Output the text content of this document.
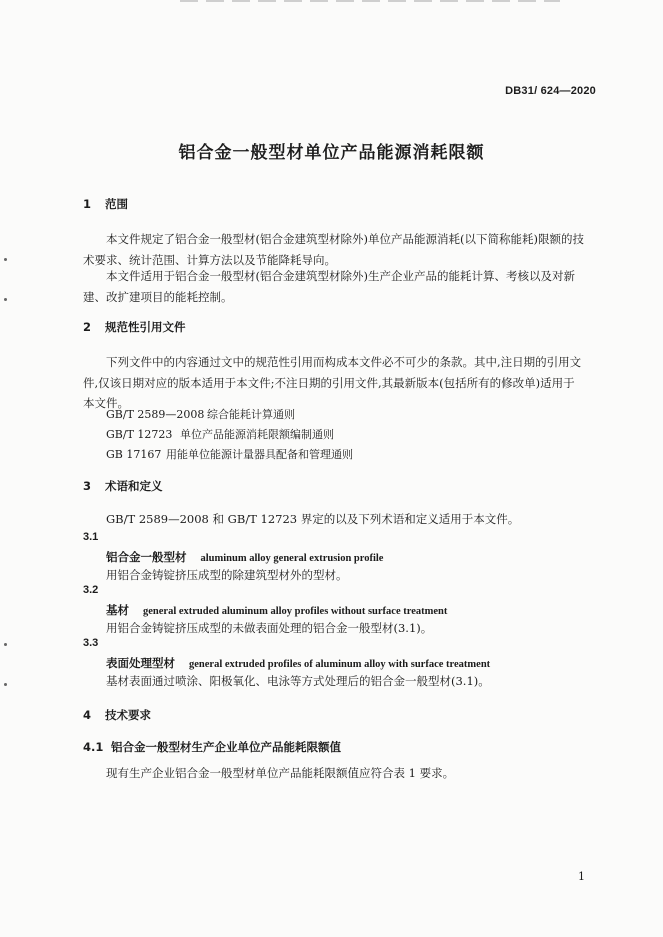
DB31/ 624—2020
铝合金一般型材单位产品能源消耗限额
1 范围
本文件规定了铝合金一般型材(铝合金建筑型材除外)单位产品能源消耗(以下简称能耗)限额的技
术要求、统计范围、计算方法以及节能降耗导向。
本文件适用于铝合金一般型材(铝合金建筑型材除外)生产企业产品的能耗计算、考核以及对新
建、改扩建项目的能耗控制。
2 规范性引用文件
下列文件中的内容通过文中的规范性引用而构成本文件必不可少的条款。其中,注日期的引用文
件,仅该日期对应的版本适用于本文件;不注日期的引用文件,其最新版本(包括所有的修改单)适用于
本文件。
GB/T 2589—2008 综合能耗计算通则
GB/T 12723 单位产品能源消耗限额编制通则
GB 17167 用能单位能源计量器具配备和管理通则
3 术语和定义
GB/T 2589—2008 和 GB/T 12723 界定的以及下列术语和定义适用于本文件。
3.1
铝合金一般型材 aluminum alloy general extrusion profile
用铝合金铸锭挤压成型的除建筑型材外的型材。
3.2
基材 general extruded aluminum alloy profiles without surface treatment
用铝合金铸锭挤压成型的未做表面处理的铝合金一般型材(3.1)。
3.3
表面处理型材 general extruded profiles of aluminum alloy with surface treatment
基材表面通过喷涂、阳极氧化、电泳等方式处理后的铝合金一般型材(3.1)。
4 技术要求
4.1 铝合金一般型材生产企业单位产品能耗限额值
现有生产企业铝合金一般型材单位产品能耗限额值应符合表 1 要求。
1
